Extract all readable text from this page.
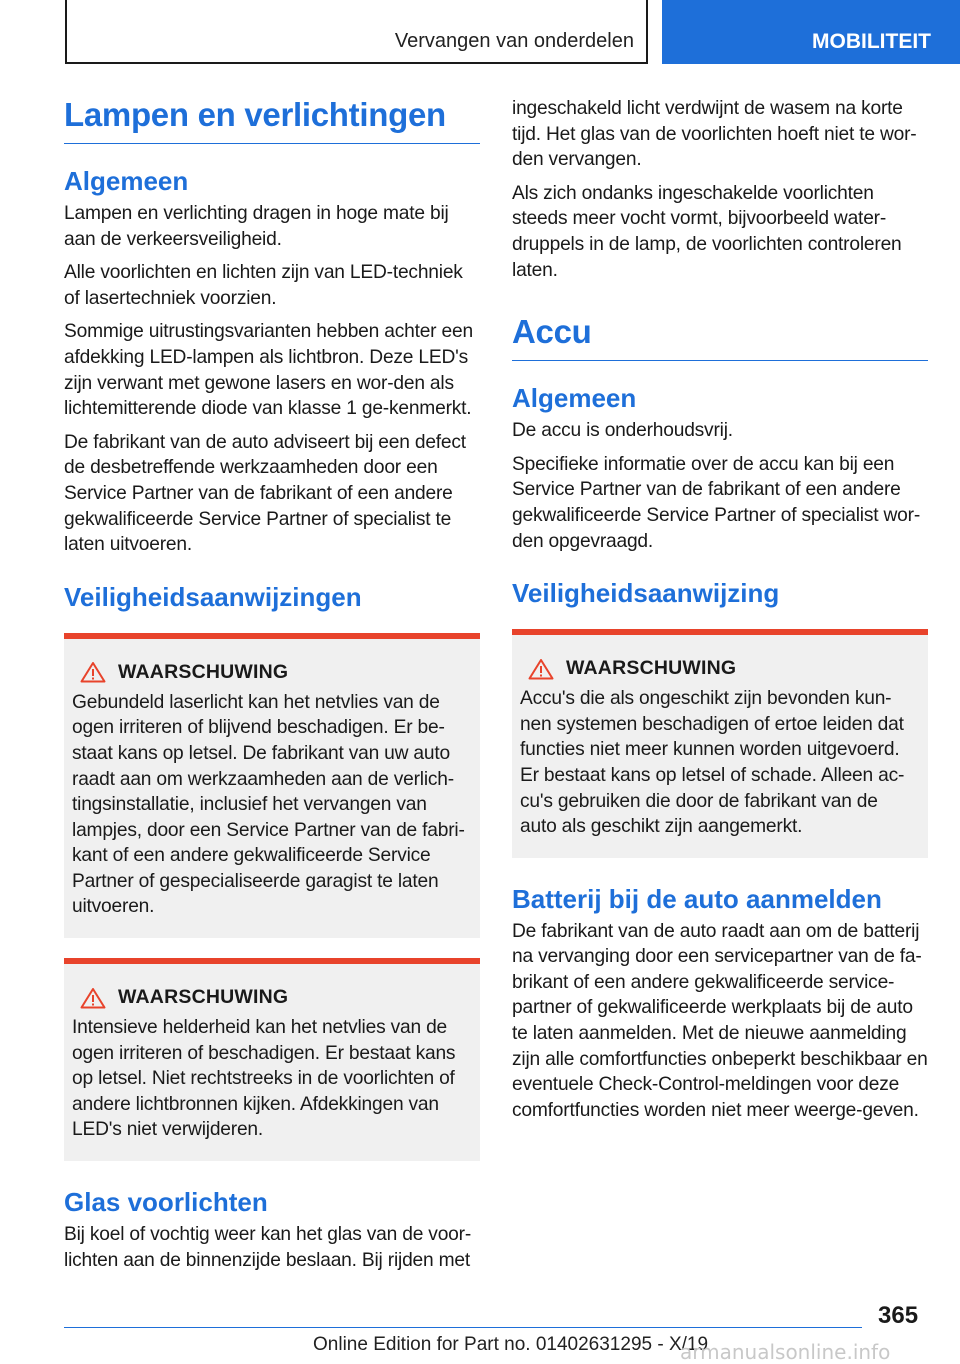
Vervangen van onderdelen	MOBILITEIT
Lampen en verlichtingen
Algemeen

Lampen en verlichting dragen in hoge mate bij aan de verkeersveiligheid.

Alle voorlichten en lichten zijn van LED-techniek of lasertechniek voorzien.

Sommige uitrustingsvarianten hebben achter een afdekking LED-lampen als lichtbron. Deze LED's zijn verwant met gewone lasers en wor-den als lichtemitterende diode van klasse 1 ge-kenmerkt.

De fabrikant van de auto adviseert bij een defect de desbetreffende werkzaamheden door een Service Partner van de fabrikant of een andere gekwalificeerde Service Partner of specialist te laten uitvoeren.

Veiligheidsaanwijzingen
WAARSCHUWING

Gebundeld laserlicht kan het netvlies van de ogen irriteren of blijvend beschadigen. Er be-staat kans op letsel. De fabrikant van uw auto raadt aan om werkzaamheden aan de verlich-tingsinstallatie, inclusief het vervangen van lampjes, door een Service Partner van de fabri-kant of een andere gekwalificeerde Service Partner of gespecialiseerde garagist te laten uitvoeren.

WAARSCHUWING

Intensieve helderheid kan het netvlies van de ogen irriteren of beschadigen. Er bestaat kans op letsel. Niet rechtstreeks in de voorlichten of andere lichtbronnen kijken. Afdekkingen van LED's niet verwijderen.

Glas voorlichten

Bij koel of vochtig weer kan het glas van de voor-lichten aan de binnenzijde beslaan. Bij rijden met

ingeschakeld licht verdwijnt de wasem na korte tijd. Het glas van de voorlichten hoeft niet te wor-den vervangen.

Als zich ondanks ingeschakelde voorlichten steeds meer vocht vormt, bijvoorbeeld water-druppels in de lamp, de voorlichten controleren laten.

Accu
Algemeen

De accu is onderhoudsvrij.

Specifieke informatie over de accu kan bij een Service Partner van de fabrikant of een andere gekwalificeerde Service Partner of specialist wor-den opgevraagd.

Veiligheidsaanwijzing
WAARSCHUWING

Accu's die als ongeschikt zijn bevonden kun-nen systemen beschadigen of ertoe leiden dat functies niet meer kunnen worden uitgevoerd. Er bestaat kans op letsel of schade. Alleen ac-cu's gebruiken die door de fabrikant van de auto als geschikt zijn aangemerkt.

Batterij bij de auto aanmelden

De fabrikant van de auto raadt aan om de batterij na vervanging door een servicepartner van de fa-brikant of een andere gekwalificeerde service-partner of gekwalificeerde werkplaats bij de auto te laten aanmelden. Met de nieuwe aanmelding zijn alle comfortfuncties onbeperkt beschikbaar en eventuele Check-Control-meldingen voor deze comfortfuncties worden niet meer weerge-geven.

365
Online Edition for Part no. 01402631295 - X/19
armanualsonline.info
